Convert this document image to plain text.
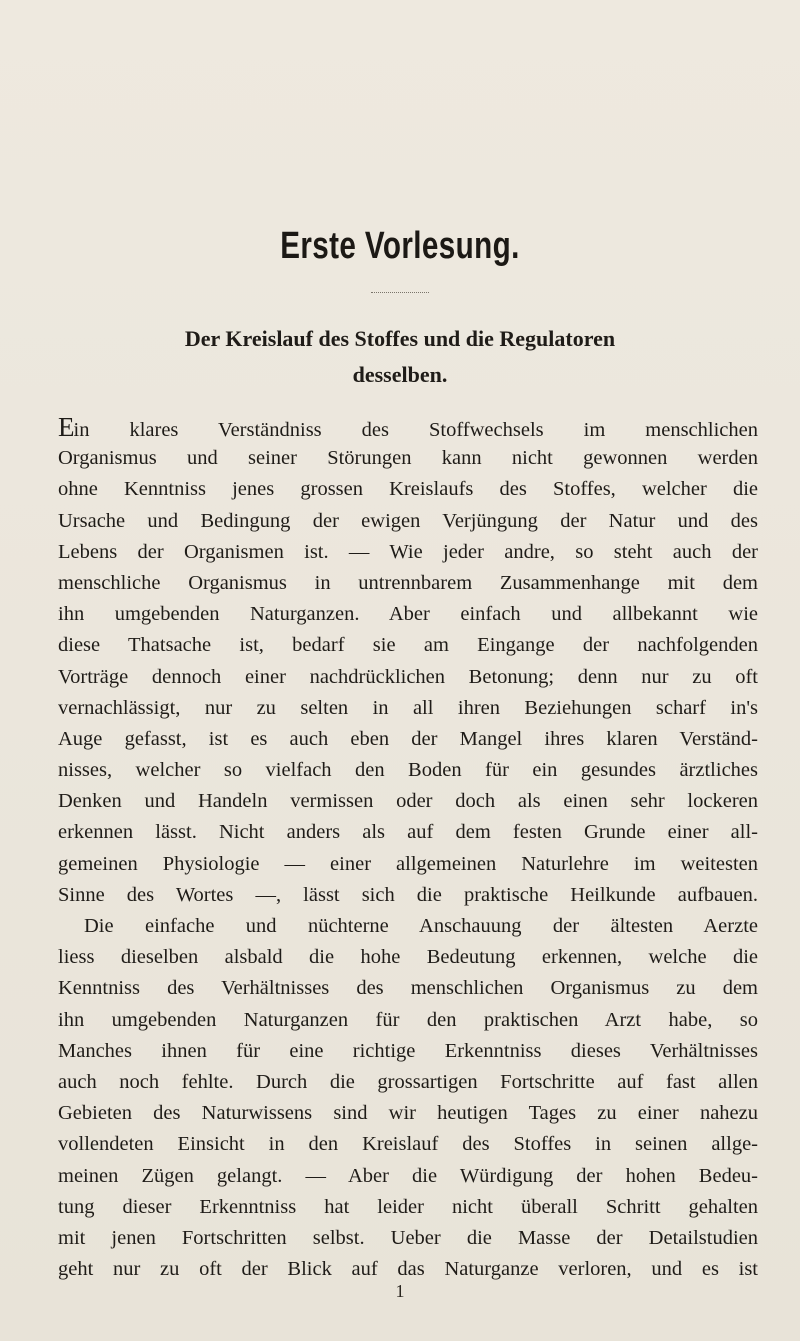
Erste Vorlesung.
Der Kreislauf des Stoffes und die Regulatoren
desselben.
Ein klares Verständniss des Stoffwechsels im menschlichen
Organismus und seiner Störungen kann nicht gewonnen werden
ohne Kenntniss jenes grossen Kreislaufs des Stoffes, welcher die
Ursache und Bedingung der ewigen Verjüngung der Natur und des
Lebens der Organismen ist. — Wie jeder andre, so steht auch der
menschliche Organismus in untrennbarem Zusammenhange mit dem
ihn umgebenden Naturganzen. Aber einfach und allbekannt wie
diese Thatsache ist, bedarf sie am Eingange der nachfolgenden
Vorträge dennoch einer nachdrücklichen Betonung; denn nur zu oft
vernachlässigt, nur zu selten in all ihren Beziehungen scharf in's
Auge gefasst, ist es auch eben der Mangel ihres klaren Verständ-
nisses, welcher so vielfach den Boden für ein gesundes ärztliches
Denken und Handeln vermissen oder doch als einen sehr lockeren
erkennen lässt. Nicht anders als auf dem festen Grunde einer all-
gemeinen Physiologie — einer allgemeinen Naturlehre im weitesten
Sinne des Wortes —, lässt sich die praktische Heilkunde aufbauen.
Die einfache und nüchterne Anschauung der ältesten Aerzte
liess dieselben alsbald die hohe Bedeutung erkennen, welche die
Kenntniss des Verhältnisses des menschlichen Organismus zu dem
ihn umgebenden Naturganzen für den praktischen Arzt habe, so
Manches ihnen für eine richtige Erkenntniss dieses Verhältnisses
auch noch fehlte. Durch die grossartigen Fortschritte auf fast allen
Gebieten des Naturwissens sind wir heutigen Tages zu einer nahezu
vollendeten Einsicht in den Kreislauf des Stoffes in seinen allge-
meinen Zügen gelangt. — Aber die Würdigung der hohen Bedeu-
tung dieser Erkenntniss hat leider nicht überall Schritt gehalten
mit jenen Fortschritten selbst. Ueber die Masse der Detailstudien
geht nur zu oft der Blick auf das Naturganze verloren, und es ist
1
